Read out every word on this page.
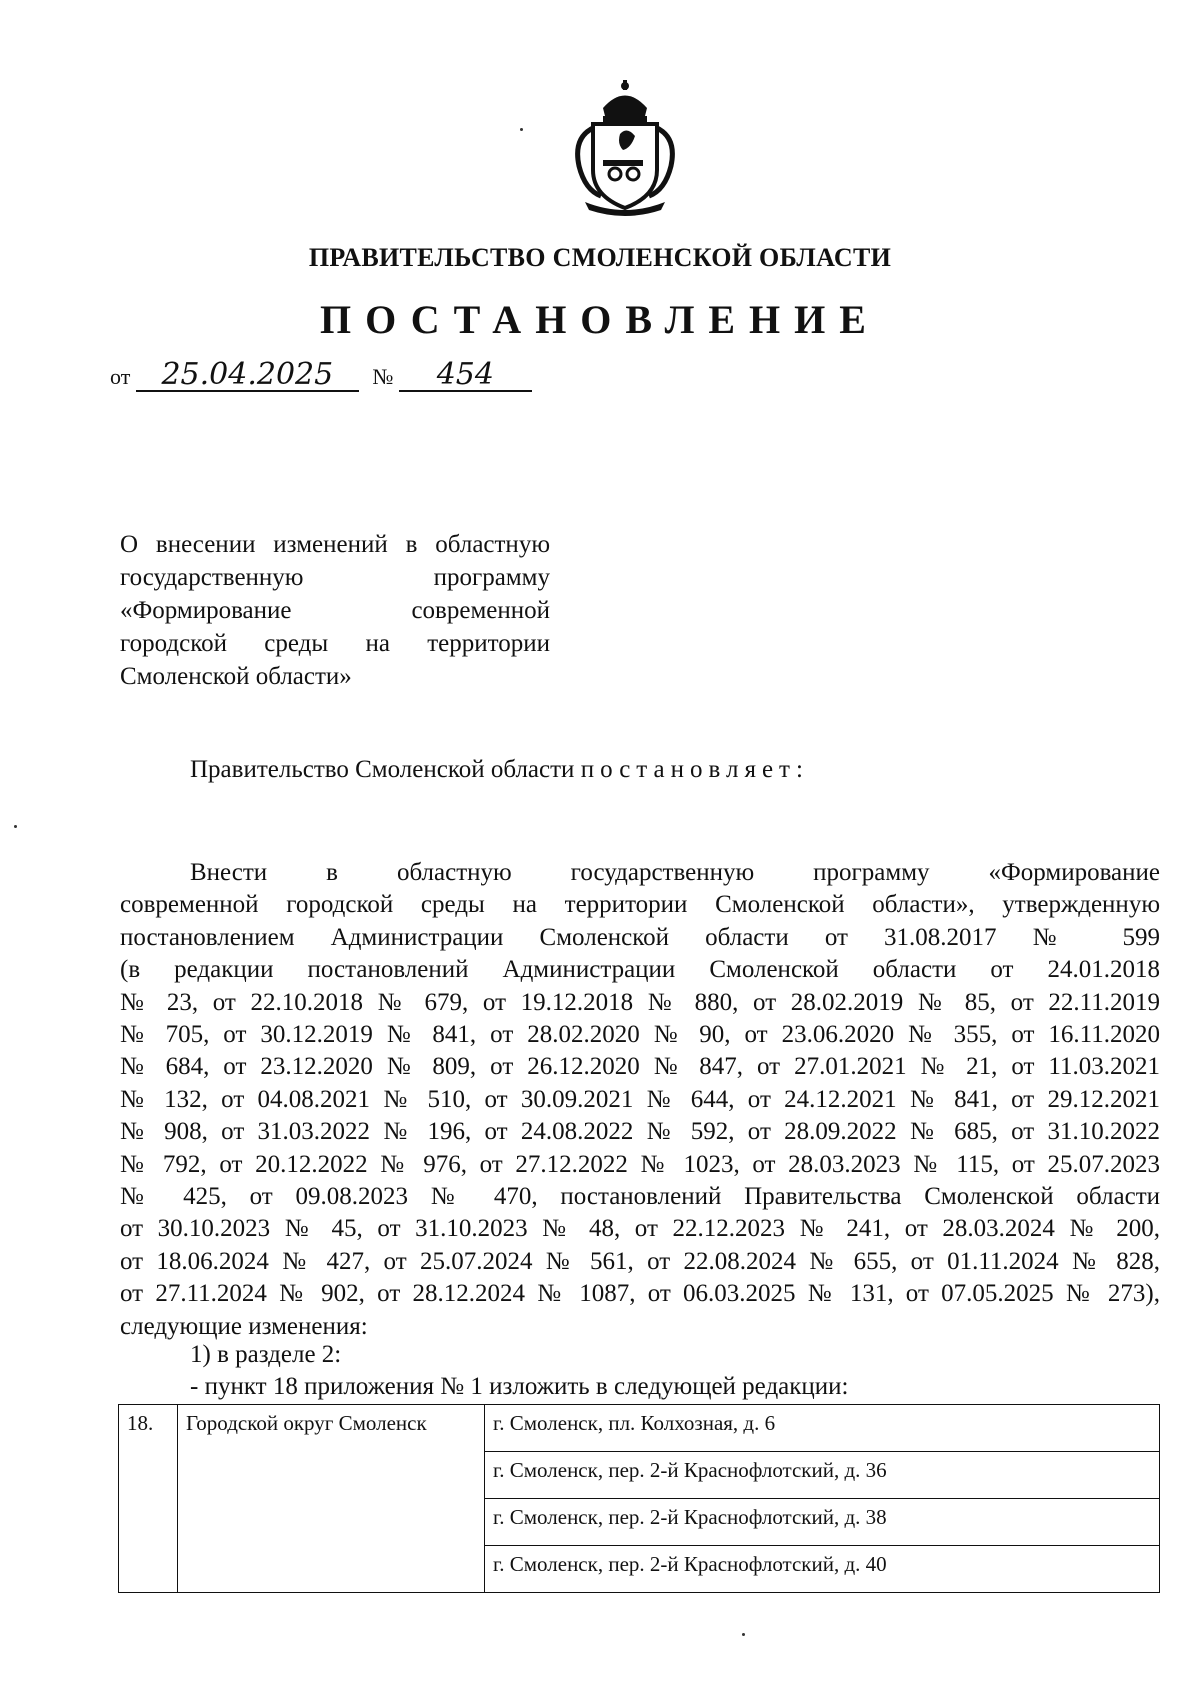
ПРАВИТЕЛЬСТВО СМОЛЕНСКОЙ ОБЛАСТИ
ПОСТАНОВЛЕНИЕ
от 25.04.2025 № 454
О внесении изменений в областную
государственную программу
«Формирование современной
городской среды на территории
Смоленской области»
Правительство Смоленской области постановляет:
Внести в областную государственную программу «Формирование
современной городской среды на территории Смоленской области», утвержденную
постановлением Администрации Смоленской области от 31.08.2017 № 599
(в редакции постановлений Администрации Смоленской области от 24.01.2018
№ 23, от 22.10.2018 № 679, от 19.12.2018 № 880, от 28.02.2019 № 85, от 22.11.2019
№ 705, от 30.12.2019 № 841, от 28.02.2020 № 90, от 23.06.2020 № 355, от 16.11.2020
№ 684, от 23.12.2020 № 809, от 26.12.2020 № 847, от 27.01.2021 № 21, от 11.03.2021
№ 132, от 04.08.2021 № 510, от 30.09.2021 № 644, от 24.12.2021 № 841, от 29.12.2021
№ 908, от 31.03.2022 № 196, от 24.08.2022 № 592, от 28.09.2022 № 685, от 31.10.2022
№ 792, от 20.12.2022 № 976, от 27.12.2022 № 1023, от 28.03.2023 № 115, от 25.07.2023
№ 425, от 09.08.2023 № 470, постановлений Правительства Смоленской области
от 30.10.2023 № 45, от 31.10.2023 № 48, от 22.12.2023 № 241, от 28.03.2024 № 200,
от 18.06.2024 № 427, от 25.07.2024 № 561, от 22.08.2024 № 655, от 01.11.2024 № 828,
от 27.11.2024 № 902, от 28.12.2024 № 1087, от 06.03.2025 № 131, от 07.05.2025 № 273),
следующие изменения:
1) в разделе 2:
- пункт 18 приложения № 1 изложить в следующей редакции:
18.	Городской округ Смоленск	г. Смоленск, пл. Колхозная, д. 6
г. Смоленск, пер. 2-й Краснофлотский, д. 36
г. Смоленск, пер. 2-й Краснофлотский, д. 38
г. Смоленск, пер. 2-й Краснофлотский, д. 40
